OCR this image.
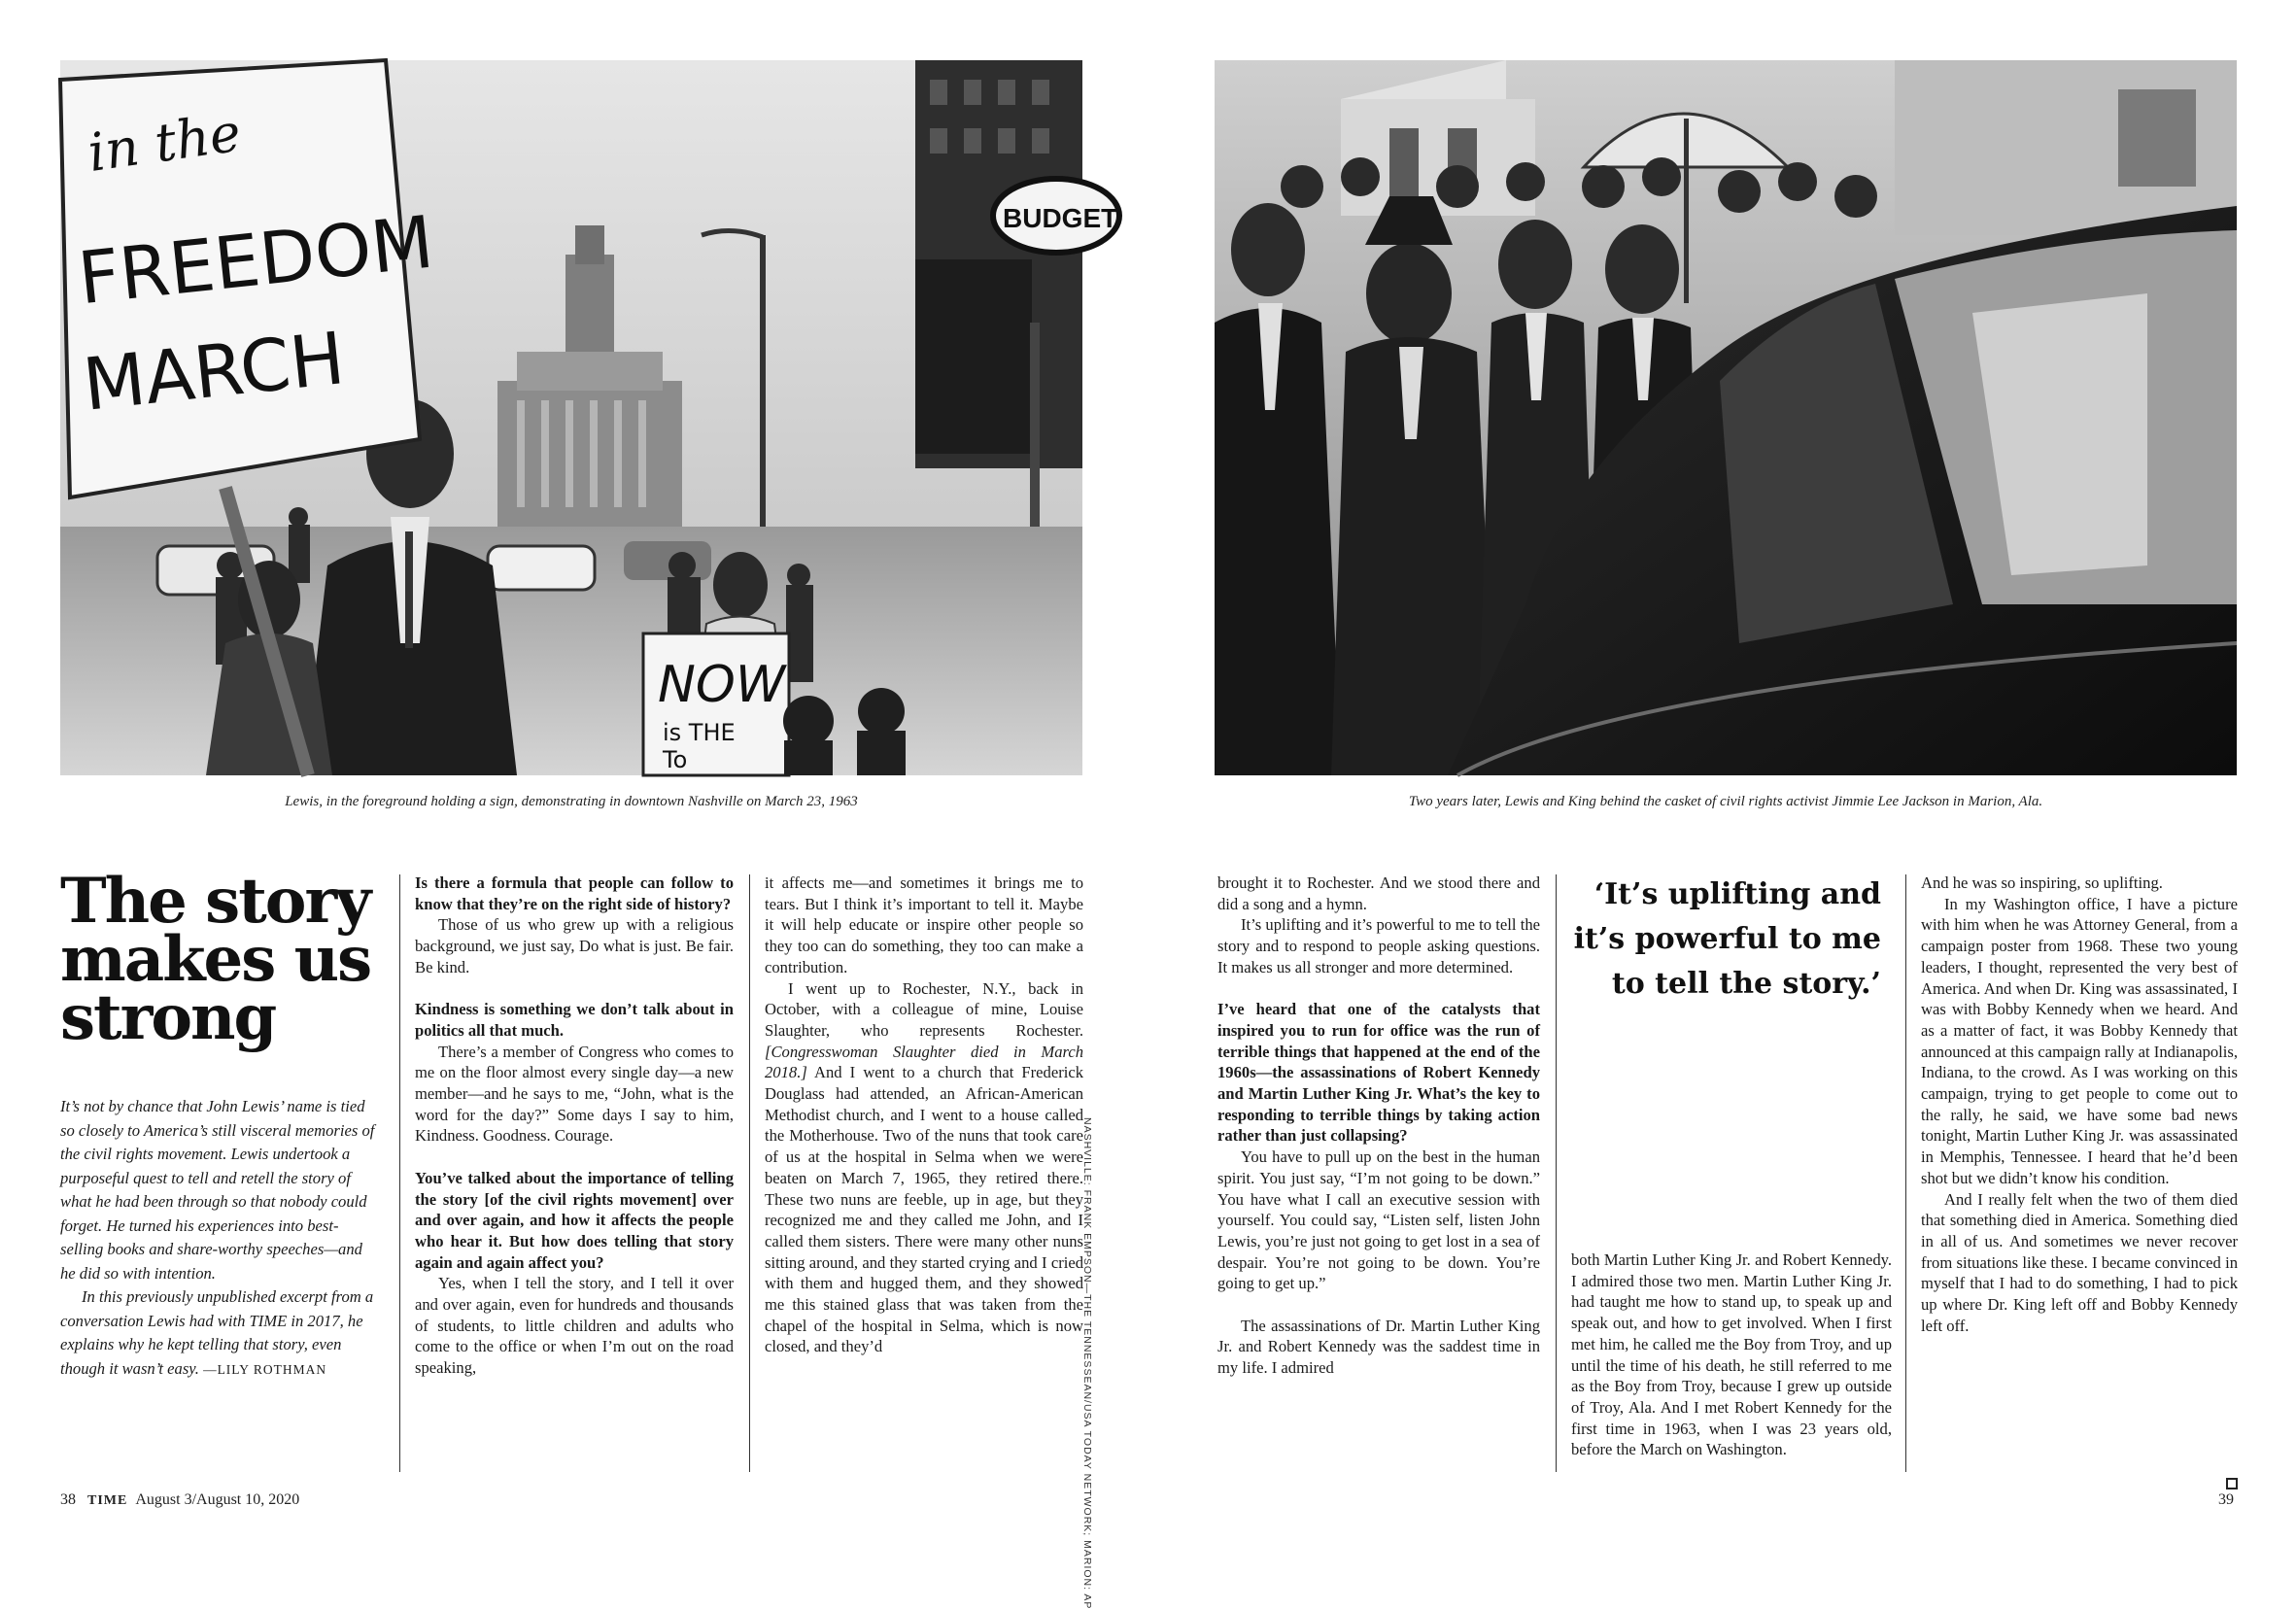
BUDGET
NOW
is THE
To
in the
FREEDOM
MARCH
Lewis, in the foreground holding a sign, demonstrating in downtown Nashville on March 23, 1963	Two years later, Lewis and King behind the casket of civil rights activist Jimmie Lee Jackson in Marion, Ala.
The story makes us strong

It’s not by chance that John Lewis’ name is tied so closely to America’s still visceral memories of the civil rights movement. Lewis undertook a purposeful quest to tell and retell the story of what he had been through so that nobody could forget. He turned his experiences into best-selling books and share-worthy speeches—and he did so with intention.

In this previously unpublished excerpt from a conversation Lewis had with TIME in 2017, he explains why he kept telling that story, even though it wasn’t easy. —LILY ROTHMAN

Is there a formula that people can follow to know that they’re on the right side of history?

Those of us who grew up with a religious background, we just say, Do what is just. Be fair. Be kind.

Kindness is something we don’t talk about in politics all that much.

There’s a member of Congress who comes to me on the floor almost every single day—a new member—and he says to me, “John, what is the word for the day?” Some days I say to him, Kindness. Goodness. Courage.

You’ve talked about the importance of telling the story [of the civil rights movement] over and over again, and how it affects the people who hear it. But how does telling that story again and again affect you?

Yes, when I tell the story, and I tell it over and over again, even for hundreds and thousands of students, to little children and adults who come to the office or when I’m out on the road speaking,

it affects me—and sometimes it brings me to tears. But I think it’s important to tell it. Maybe it will help educate or inspire other people so they too can do something, they too can make a contribution.

I went up to Rochester, N.Y., back in October, with a colleague of mine, Louise Slaughter, who represents Rochester. [Congresswoman Slaughter died in March 2018.] And I went to a church that Frederick Douglass had attended, an African-American Methodist church, and I went to a house called the Motherhouse. Two of the nuns that took care of us at the hospital in Selma when we were beaten on March 7, 1965, they retired there. These two nuns are feeble, up in age, but they recognized me and they called me John, and I called them sisters. There were many other nuns sitting around, and they started crying and I cried with them and hugged them, and they showed me this stained glass that was taken from the chapel of the hospital in Selma, which is now closed, and they’d	NASHVILLE: FRANK EMPSON—THE TENNESSEAN/USA TODAY NETWORK; MARION: AP

brought it to Rochester. And we stood there and did a song and a hymn.

It’s uplifting and it’s powerful to me to tell the story and to respond to people asking questions. It makes us all stronger and more determined.

I’ve heard that one of the catalysts that inspired you to run for office was the run of terrible things that happened at the end of the 1960s—the assassinations of Robert Kennedy and Martin Luther King Jr. What’s the key to responding to terrible things by taking action rather than just collapsing?

You have to pull up on the best in the human spirit. You just say, “I’m not going to be down.” You have what I call an executive session with yourself. You could say, “Listen self, listen John Lewis, you’re just not going to get lost in a sea of despair. You’re not going to be down. You’re going to get up.”

The assassinations of Dr. Martin Luther King Jr. and Robert Kennedy was the saddest time in my life. I admired

‘It’s uplifting and it’s powerful to me to tell the story.’

both Martin Luther King Jr. and Robert Kennedy. I admired those two men. Martin Luther King Jr. had taught me how to stand up, to speak up and speak out, and how to get involved. When I first met him, he called me the Boy from Troy, and up until the time of his death, he still referred to me as the Boy from Troy, because I grew up outside of Troy, Ala. And I met Robert Kennedy for the first time in 1963, when I was 23 years old, before the March on Washington.

And he was so inspiring, so uplifting.

In my Washington office, I have a picture with him when he was Attorney General, from a campaign poster from 1968. These two young leaders, I thought, represented the very best of America. And when Dr. King was assassinated, I was with Bobby Kennedy when we heard. And as a matter of fact, it was Bobby Kennedy that announced at this campaign rally at Indianapolis, Indiana, to the crowd. As I was working on this campaign, trying to get people to come out to the rally, he said, we have some bad news tonight, Martin Luther King Jr. was assassinated in Memphis, Tennessee. I heard that he’d been shot but we didn’t know his condition.

And I really felt when the two of them died that something died in America. Something died in all of us. And sometimes we never recover from situations like these. I became convinced in myself that I had to do something, I had to pick up where Dr. King left off and Bobby Kennedy left off.

38 TIME August 3/August 10, 2020	39
